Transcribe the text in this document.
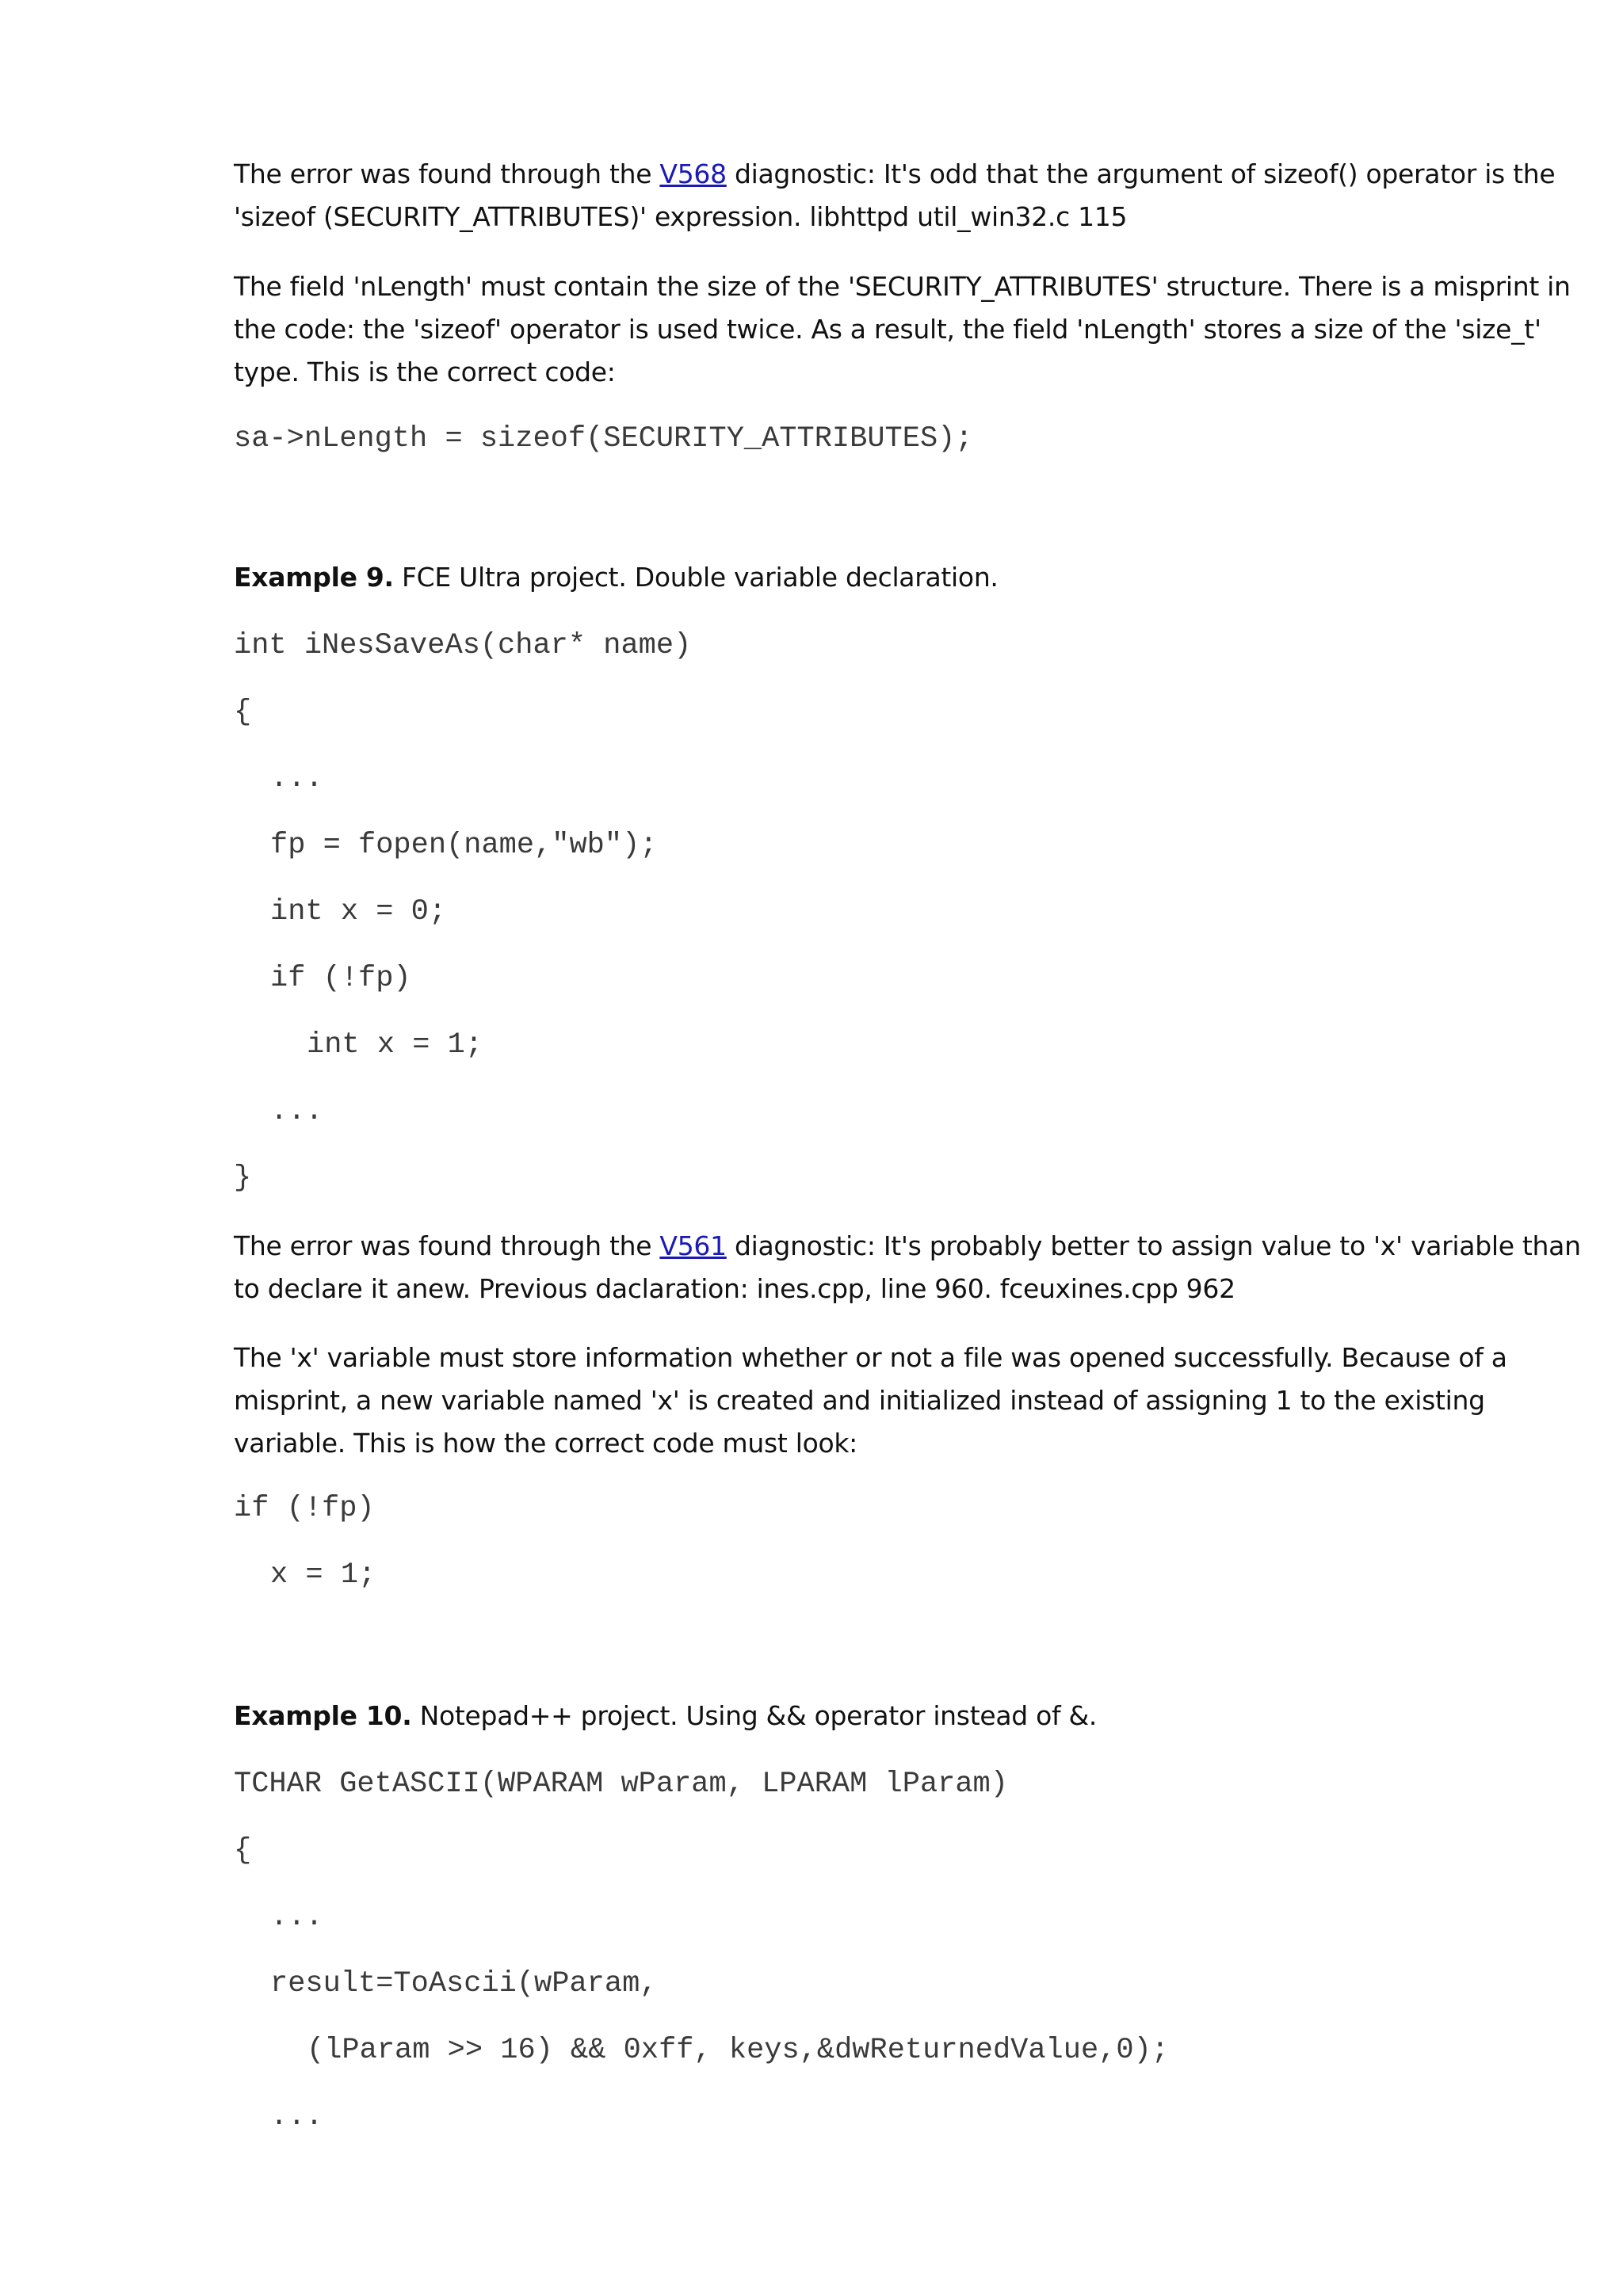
The error was found through the V568 diagnostic: It's odd that the argument of sizeof() operator is the
'sizeof (SECURITY_ATTRIBUTES)' expression. libhttpd util_win32.c 115

The field 'nLength' must contain the size of the 'SECURITY_ATTRIBUTES' structure. There is a misprint in
the code: the 'sizeof' operator is used twice. As a result, the field 'nLength' stores a size of the 'size_t'
type. This is the correct code:

sa->nLength = sizeof(SECURITY_ATTRIBUTES);

Example 9. FCE Ultra project. Double variable declaration.

int iNesSaveAs(char* name)
{
...
fp = fopen(name,"wb");
int x = 0;
if (!fp)
int x = 1;
...
}

The error was found through the V561 diagnostic: It's probably better to assign value to 'x' variable than
to declare it anew. Previous daclaration: ines.cpp, line 960. fceuxines.cpp 962

The 'x' variable must store information whether or not a file was opened successfully. Because of a
misprint, a new variable named 'x' is created and initialized instead of assigning 1 to the existing
variable. This is how the correct code must look:

if (!fp)
x = 1;

Example 10. Notepad++ project. Using && operator instead of &.

TCHAR GetASCII(WPARAM wParam, LPARAM lParam)
{
...
result=ToAscii(wParam,
(lParam >> 16) && 0xff, keys,&dwReturnedValue,0);
...
